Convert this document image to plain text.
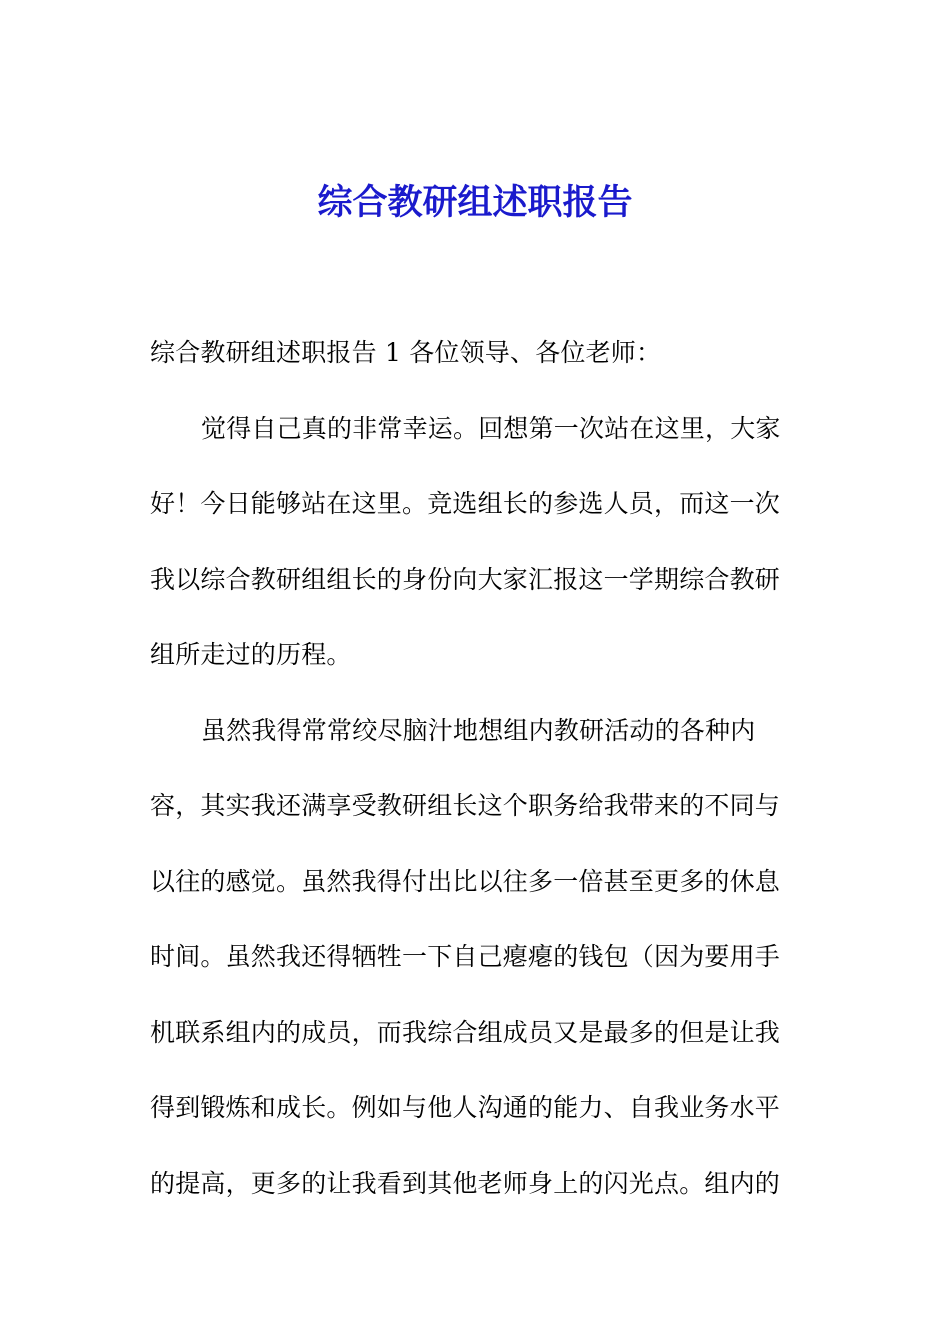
综合教研组述职报告
综合教研组述职报告 1 各位领导、各位老师：
觉得自己真的非常幸运。回想第一次站在这里，大家
好！今日能够站在这里。竞选组长的参选人员，而这一次
我以综合教研组组长的身份向大家汇报这一学期综合教研
组所走过的历程。
虽然我得常常绞尽脑汁地想组内教研活动的各种内
容，其实我还满享受教研组长这个职务给我带来的不同与
以往的感觉。虽然我得付出比以往多一倍甚至更多的休息
时间。虽然我还得牺牲一下自己瘪瘪的钱包（因为要用手
机联系组内的成员，而我综合组成员又是最多的但是让我
得到锻炼和成长。例如与他人沟通的能力、自我业务水平
的提高，更多的让我看到其他老师身上的闪光点。组内的
